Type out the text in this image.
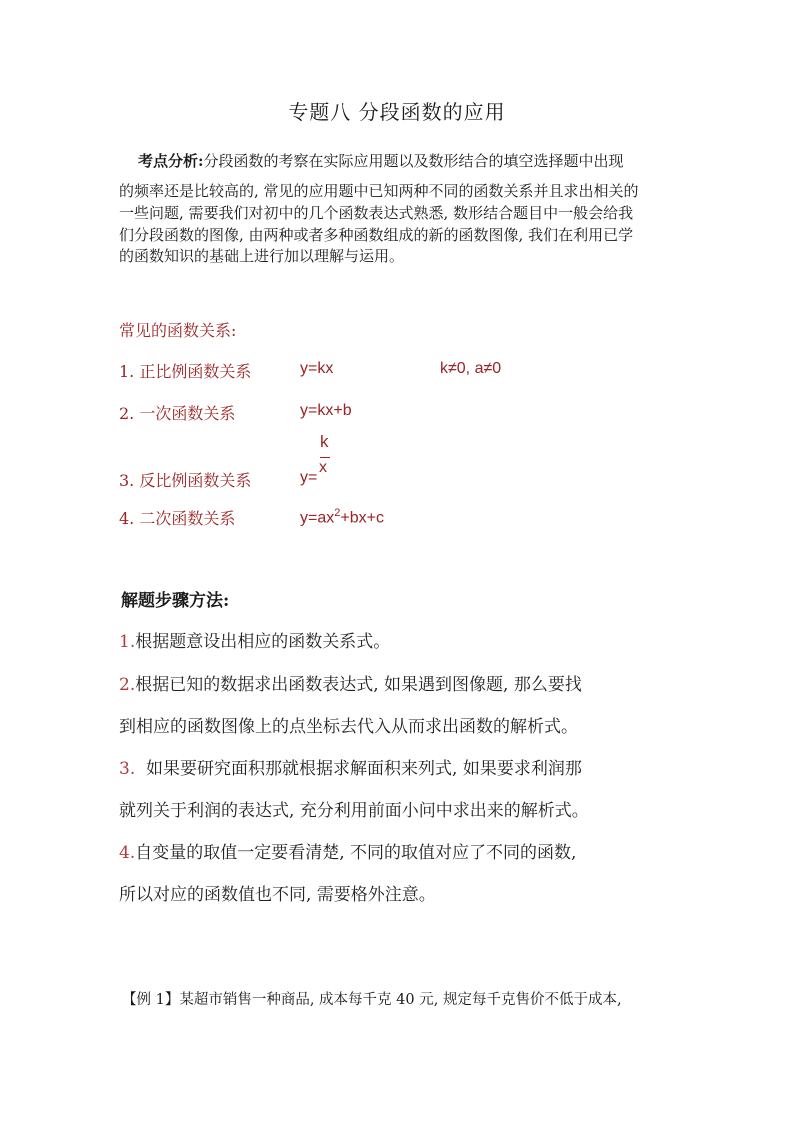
专题八 分段函数的应用
考点分析:分段函数的考察在实际应用题以及数形结合的填空选择题中出现
的频率还是比较高的, 常见的应用题中已知两种不同的函数关系并且求出相关的
一些问题, 需要我们对初中的几个函数表达式熟悉, 数形结合题目中一般会给我
们分段函数的图像, 由两种或者多种函数组成的新的函数图像, 我们在利用已学
的函数知识的基础上进行加以理解与运用。
常见的函数关系:
1. 正比例函数关系	y=kx	k≠0, a≠0
2. 一次函数关系	y=kx+b
k
3. 反比例函数关系	y=
x
4. 二次函数关系	$y=ax^2+bx+c$
解题步骤方法:
1.根据题意设出相应的函数关系式。
2.根据已知的数据求出函数表达式, 如果遇到图像题, 那么要找
到相应的函数图像上的点坐标去代入从而求出函数的解析式。
3.  如果要研究面积那就根据求解面积来列式, 如果要求利润那
就列关于利润的表达式, 充分利用前面小问中求出来的解析式。
4.自变量的取值一定要看清楚, 不同的取值对应了不同的函数,
所以对应的函数值也不同, 需要格外注意。
【例 1】某超市销售一种商品, 成本每千克 40 元, 规定每千克售价不低于成本,
